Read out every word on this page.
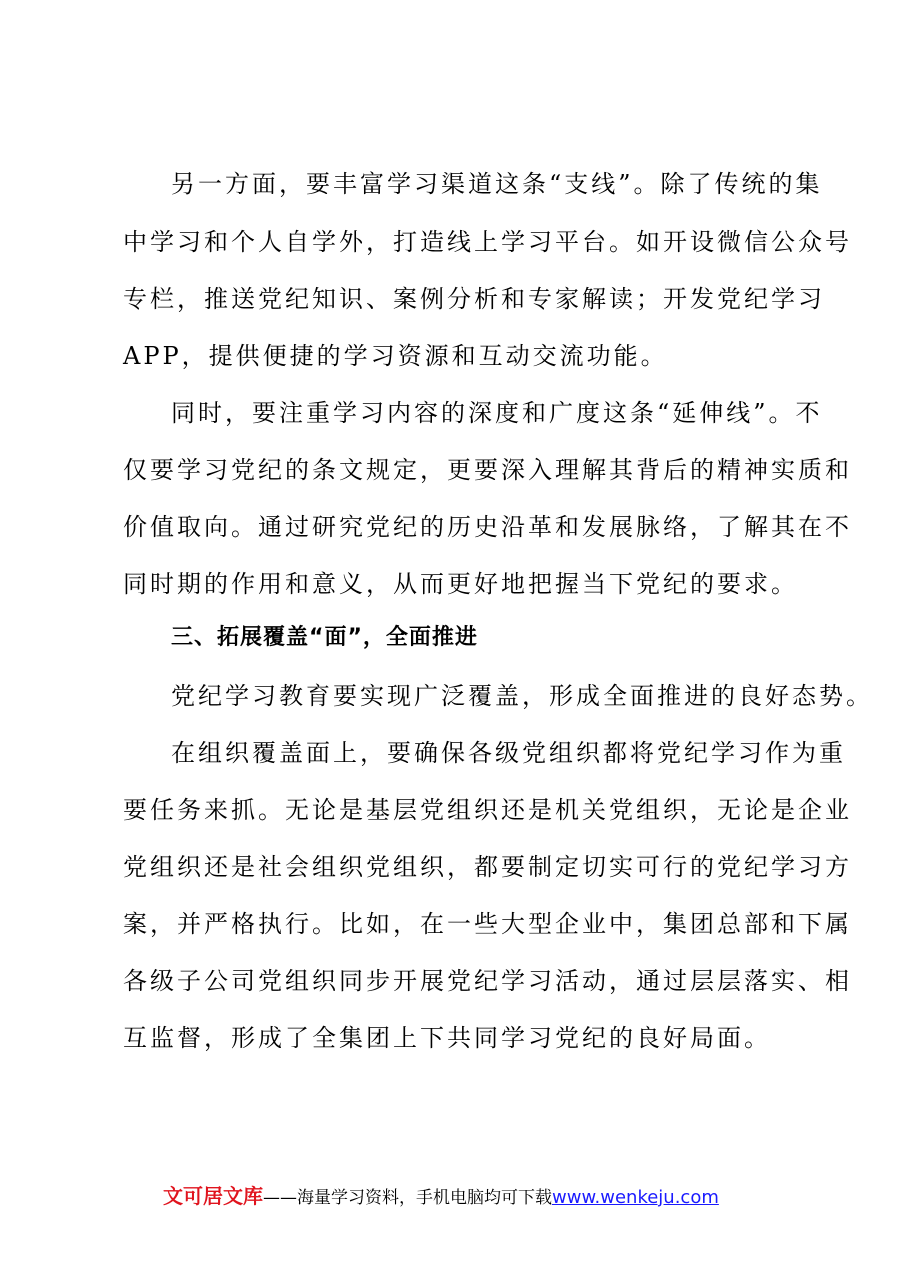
另一方面，要丰富学习渠道这条“支线”。除了传统的集
中学习和个人自学外，打造线上学习平台。如开设微信公众号
专栏，推送党纪知识、案例分析和专家解读；开发党纪学习
APP，提供便捷的学习资源和互动交流功能。
同时，要注重学习内容的深度和广度这条“延伸线”。不
仅要学习党纪的条文规定，更要深入理解其背后的精神实质和
价值取向。通过研究党纪的历史沿革和发展脉络，了解其在不
同时期的作用和意义，从而更好地把握当下党纪的要求。
三、拓展覆盖“面”，全面推进
党纪学习教育要实现广泛覆盖，形成全面推进的良好态势。
在组织覆盖面上，要确保各级党组织都将党纪学习作为重
要任务来抓。无论是基层党组织还是机关党组织，无论是企业
党组织还是社会组织党组织，都要制定切实可行的党纪学习方
案，并严格执行。比如，在一些大型企业中，集团总部和下属
各级子公司党组织同步开展党纪学习活动，通过层层落实、相
互监督，形成了全集团上下共同学习党纪的良好局面。
文可居文库——海量学习资料，手机电脑均可下载www.wenkeju.com
